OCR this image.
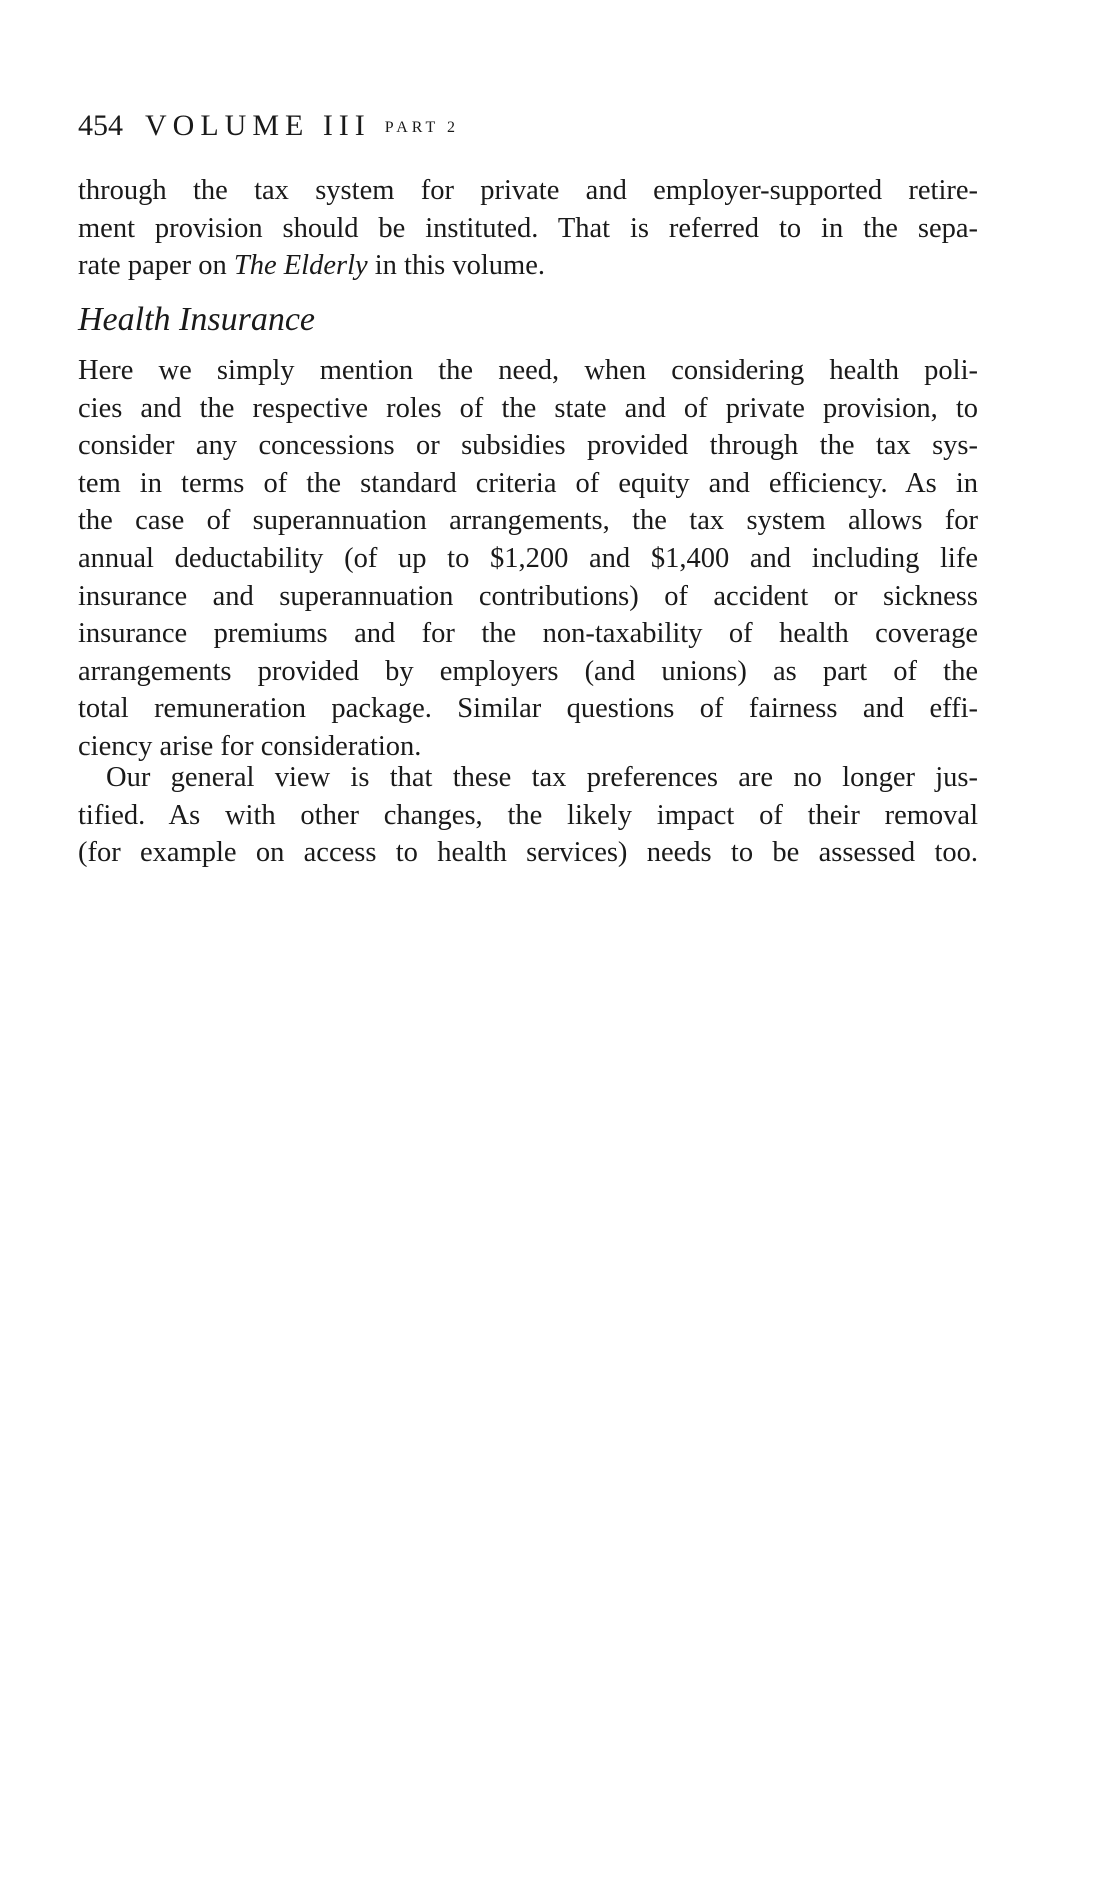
454 VOLUME III PART 2
through the tax system for private and employer-supported retire-
ment provision should be instituted. That is referred to in the sepa-
rate paper on The Elderly in this volume.
Health Insurance
Here we simply mention the need, when considering health poli-
cies and the respective roles of the state and of private provision, to
consider any concessions or subsidies provided through the tax sys-
tem in terms of the standard criteria of equity and efficiency. As in
the case of superannuation arrangements, the tax system allows for
annual deductability (of up to $1,200 and $1,400 and including life
insurance and superannuation contributions) of accident or sickness
insurance premiums and for the non-taxability of health coverage
arrangements provided by employers (and unions) as part of the
total remuneration package. Similar questions of fairness and effi-
ciency arise for consideration.
Our general view is that these tax preferences are no longer jus-
tified. As with other changes, the likely impact of their removal
(for example on access to health services) needs to be assessed too.
